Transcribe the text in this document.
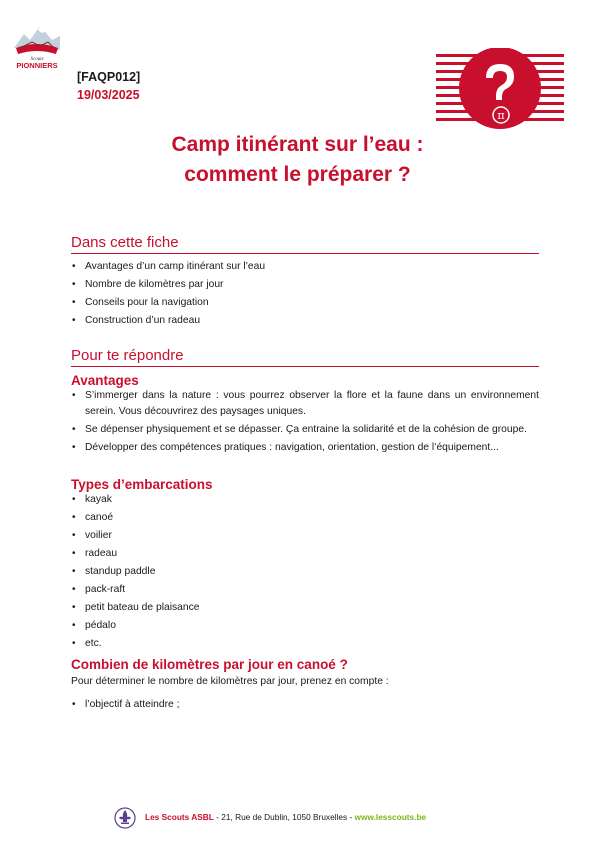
Scouts
PIONNIERS
[FAQP012]
19/03/2025
π
Camp itinérant sur l’eau :
comment le préparer ?
Dans cette fiche
• Avantages d’un camp itinérant sur l’eau
• Nombre de kilomètres par jour
• Conseils pour la navigation
• Construction d’un radeau
Pour te répondre
Avantages
• S’immerger dans la nature : vous pourrez observer la flore et la faune dans un environnement serein. Vous découvrirez des paysages uniques.
• Se dépenser physiquement et se dépasser. Ça entraine la solidarité et de la cohésion de groupe.
• Développer des compétences pratiques : navigation, orientation, gestion de l’équipement...
Types d’embarcations
• kayak
• canoé
• voilier
• radeau
• standup paddle
• pack-raft
• petit bateau de plaisance
• pédalo
• etc.
Combien de kilomètres par jour en canoé ?
Pour déterminer le nombre de kilomètres par jour, prenez en compte :
• l’objectif à atteindre ;
Les Scouts ASBL - 21, Rue de Dublin, 1050 Bruxelles - www.lesscouts.be
